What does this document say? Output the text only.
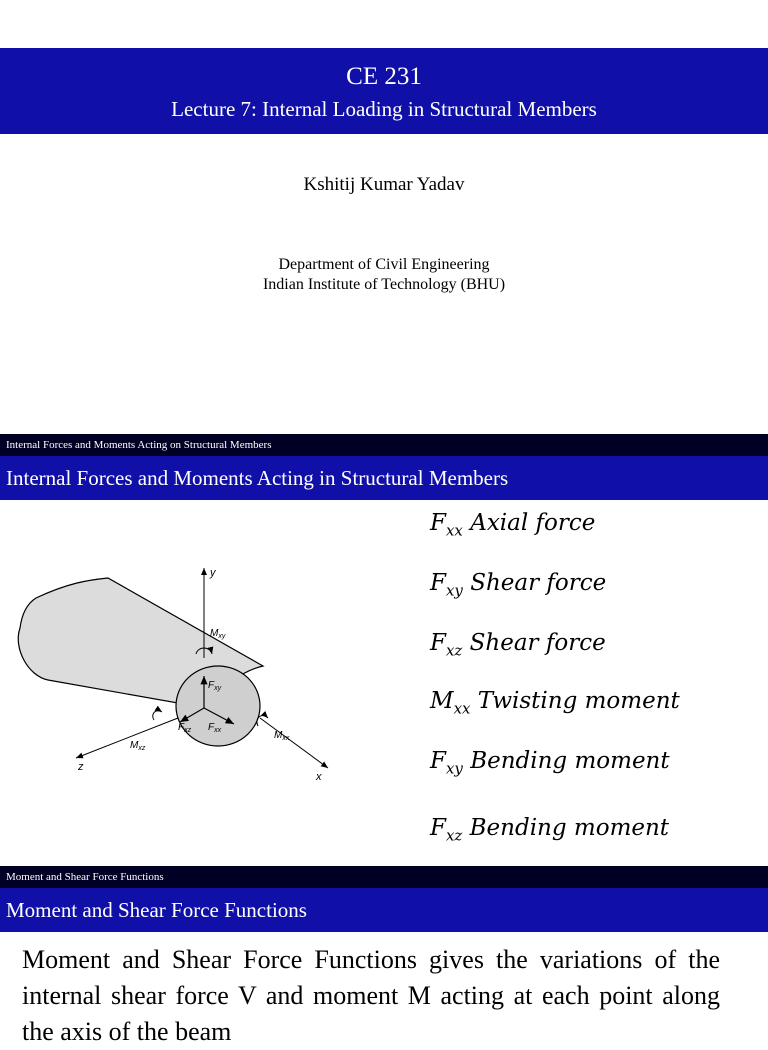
CE 231
Lecture 7: Internal Loading in Structural Members
Kshitij Kumar Yadav
Department of Civil Engineering
Indian Institute of Technology (BHU)
Internal Forces and Moments Acting on Structural Members
Internal Forces and Moments Acting in Structural Members
y
x
z
$M_{xy}$
$F_{xy}$
$F_{xz}$ $F_{xx}$
$M_{xz}$
$M_{xx}$
$F_{xx}$ Axial force
$F_{xy}$ Shear force
$F_{xz}$ Shear force
$M_{xx}$ Twisting moment
$F_{xy}$ Bending moment
$F_{xz}$ Bending moment
Moment and Shear Force Functions
Moment and Shear Force Functions
Moment and Shear Force Functions gives the variations of the internal shear force V and moment M acting at each point along the axis of the beam
